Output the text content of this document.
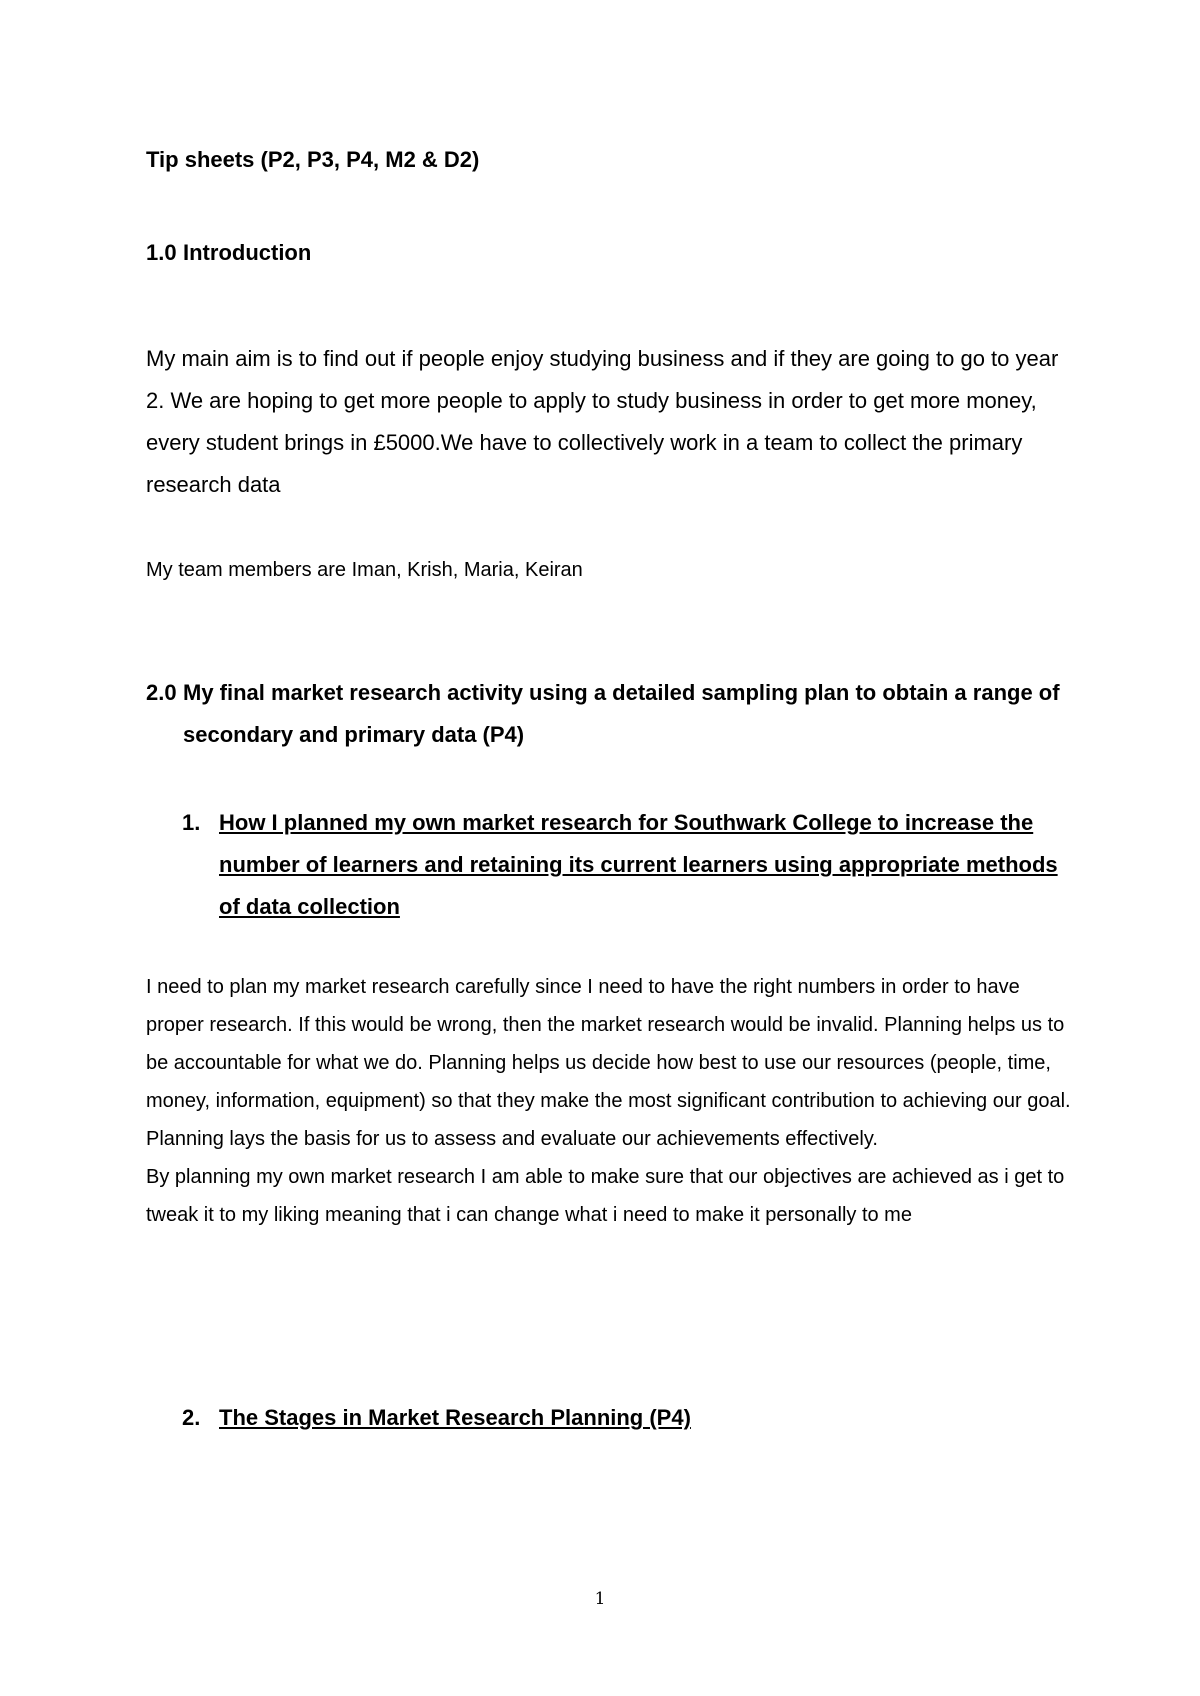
Tip sheets (P2, P3, P4, M2 & D2)
1.0 Introduction
My main aim is to find out if people enjoy studying business and if they are going to go to year 2. We are hoping to get more people to apply to study business in order to get more money, every student brings in £5000.We have to collectively work in a team to collect the primary research data
My team members are Iman, Krish, Maria, Keiran
2.0 My final market research activity using a detailed sampling plan to obtain a range of secondary and primary data (P4)
1. How I planned my own market research for Southwark College to increase the number of learners and retaining its current learners using appropriate methods of data collection

I need to plan my market research carefully since I need to have the right numbers in order to have proper research. If this would be wrong, then the market research would be invalid. Planning helps us to be accountable for what we do. Planning helps us decide how best to use our resources (people, time, money, information, equipment) so that they make the most significant contribution to achieving our goal. Planning lays the basis for us to assess and evaluate our achievements effectively.

By planning my own market research I am able to make sure that our objectives are achieved as i get to tweak it to my liking meaning that i can change what i need to make it personally to me

2. The Stages in Market Research Planning (P4)
1
